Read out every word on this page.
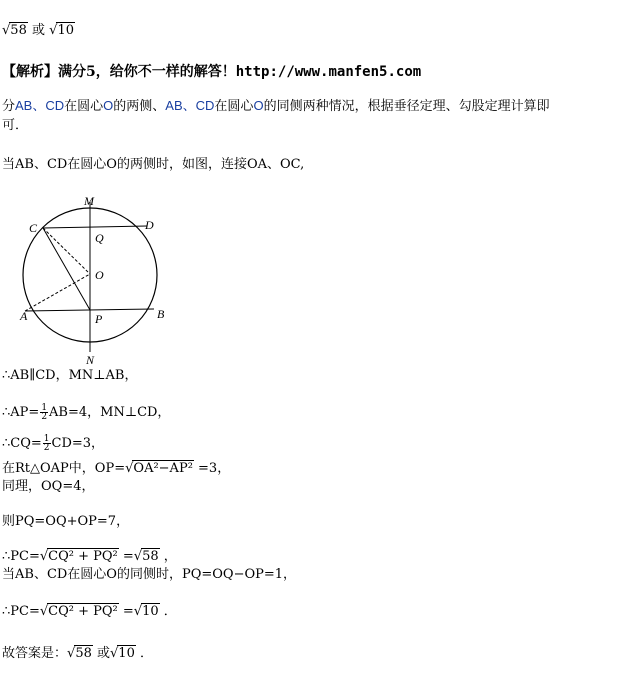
√58 或 √10
【解析】满分5，给你不一样的解答！http://www.manfen5.com
分AB、CD在圆心O的两侧、AB、CD在圆心O的同侧两种情况，根据垂径定理、勾股定理计算即
可．
当AB、CD在圆心O的两侧时，如图，连接OA、OC,
M
D
C
Q
O
A	P	B
N
∴AB∥CD，MN⊥AB，
∴AP= $\frac{1}{2} AB=4$，MN⊥CD，
∴CQ= $\frac{1}{2} CD=3$，
在Rt△OAP中，OP=√OA²−AP² =3，
同理，OQ=4，
则PQ=OQ+OP=7，
∴PC=√CQ² + PQ² =√58 ，
当AB、CD在圆心O的同侧时，PQ=OQ−OP=1，
∴PC=√CQ² + PQ² =√10 ．
故答案是：√58 或√10 ．
